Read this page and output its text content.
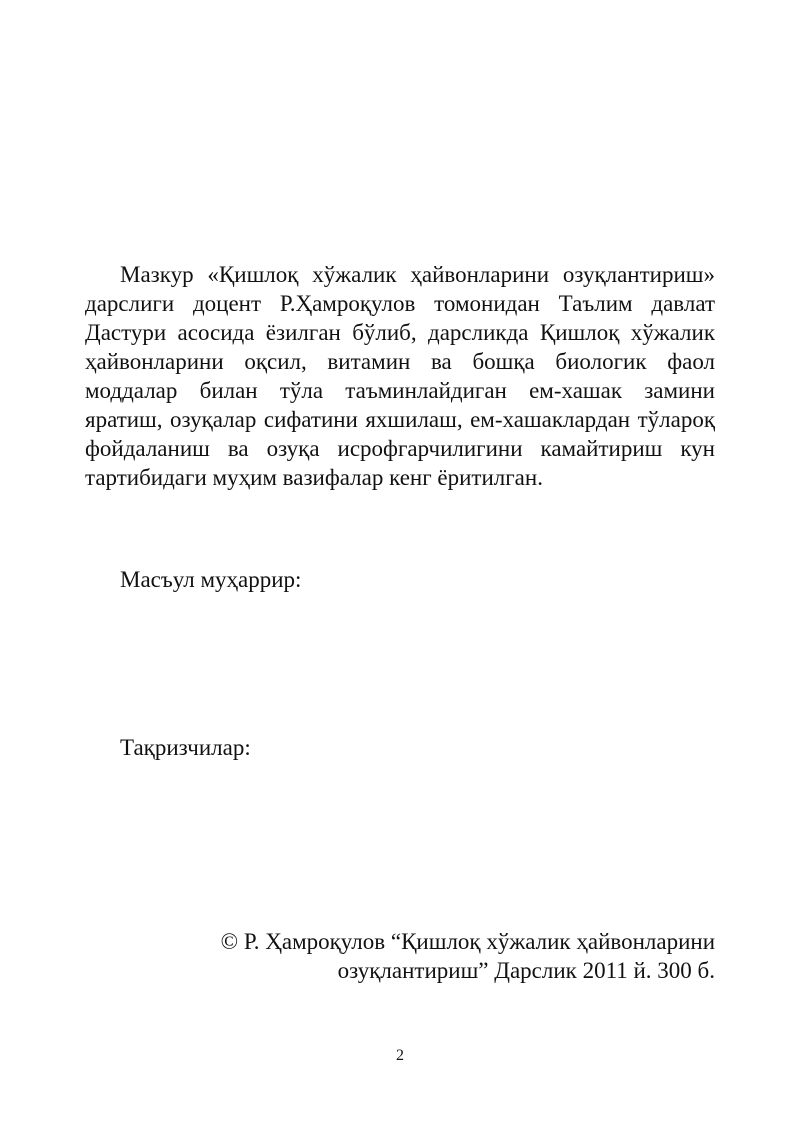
Мазкур «Қишлоқ хўжалик ҳайвонларини озуқлантириш» дарслиги доцент Р.Ҳамроқулов томонидан Таълим давлат Дастури асосида ёзилган бўлиб, дарсликда Қишлоқ хўжалик ҳайвонларини оқсил, витамин ва бошқа биологик фаол моддалар билан тўла таъминлайдиган ем-хашак замини яратиш, озуқалар сифатини яхшилаш, ем-хашаклардан тўлароқ фойдаланиш ва озуқа исрофгарчилигини камайтириш кун тартибидаги муҳим вазифалар кенг ёритилган.

Масъул муҳаррир:

Тақризчилар:

© Р. Ҳамроқулов “Қишлоқ хўжалик ҳайвонларини
озуқлантириш” Дарслик 2011 й. 300 б.

2
